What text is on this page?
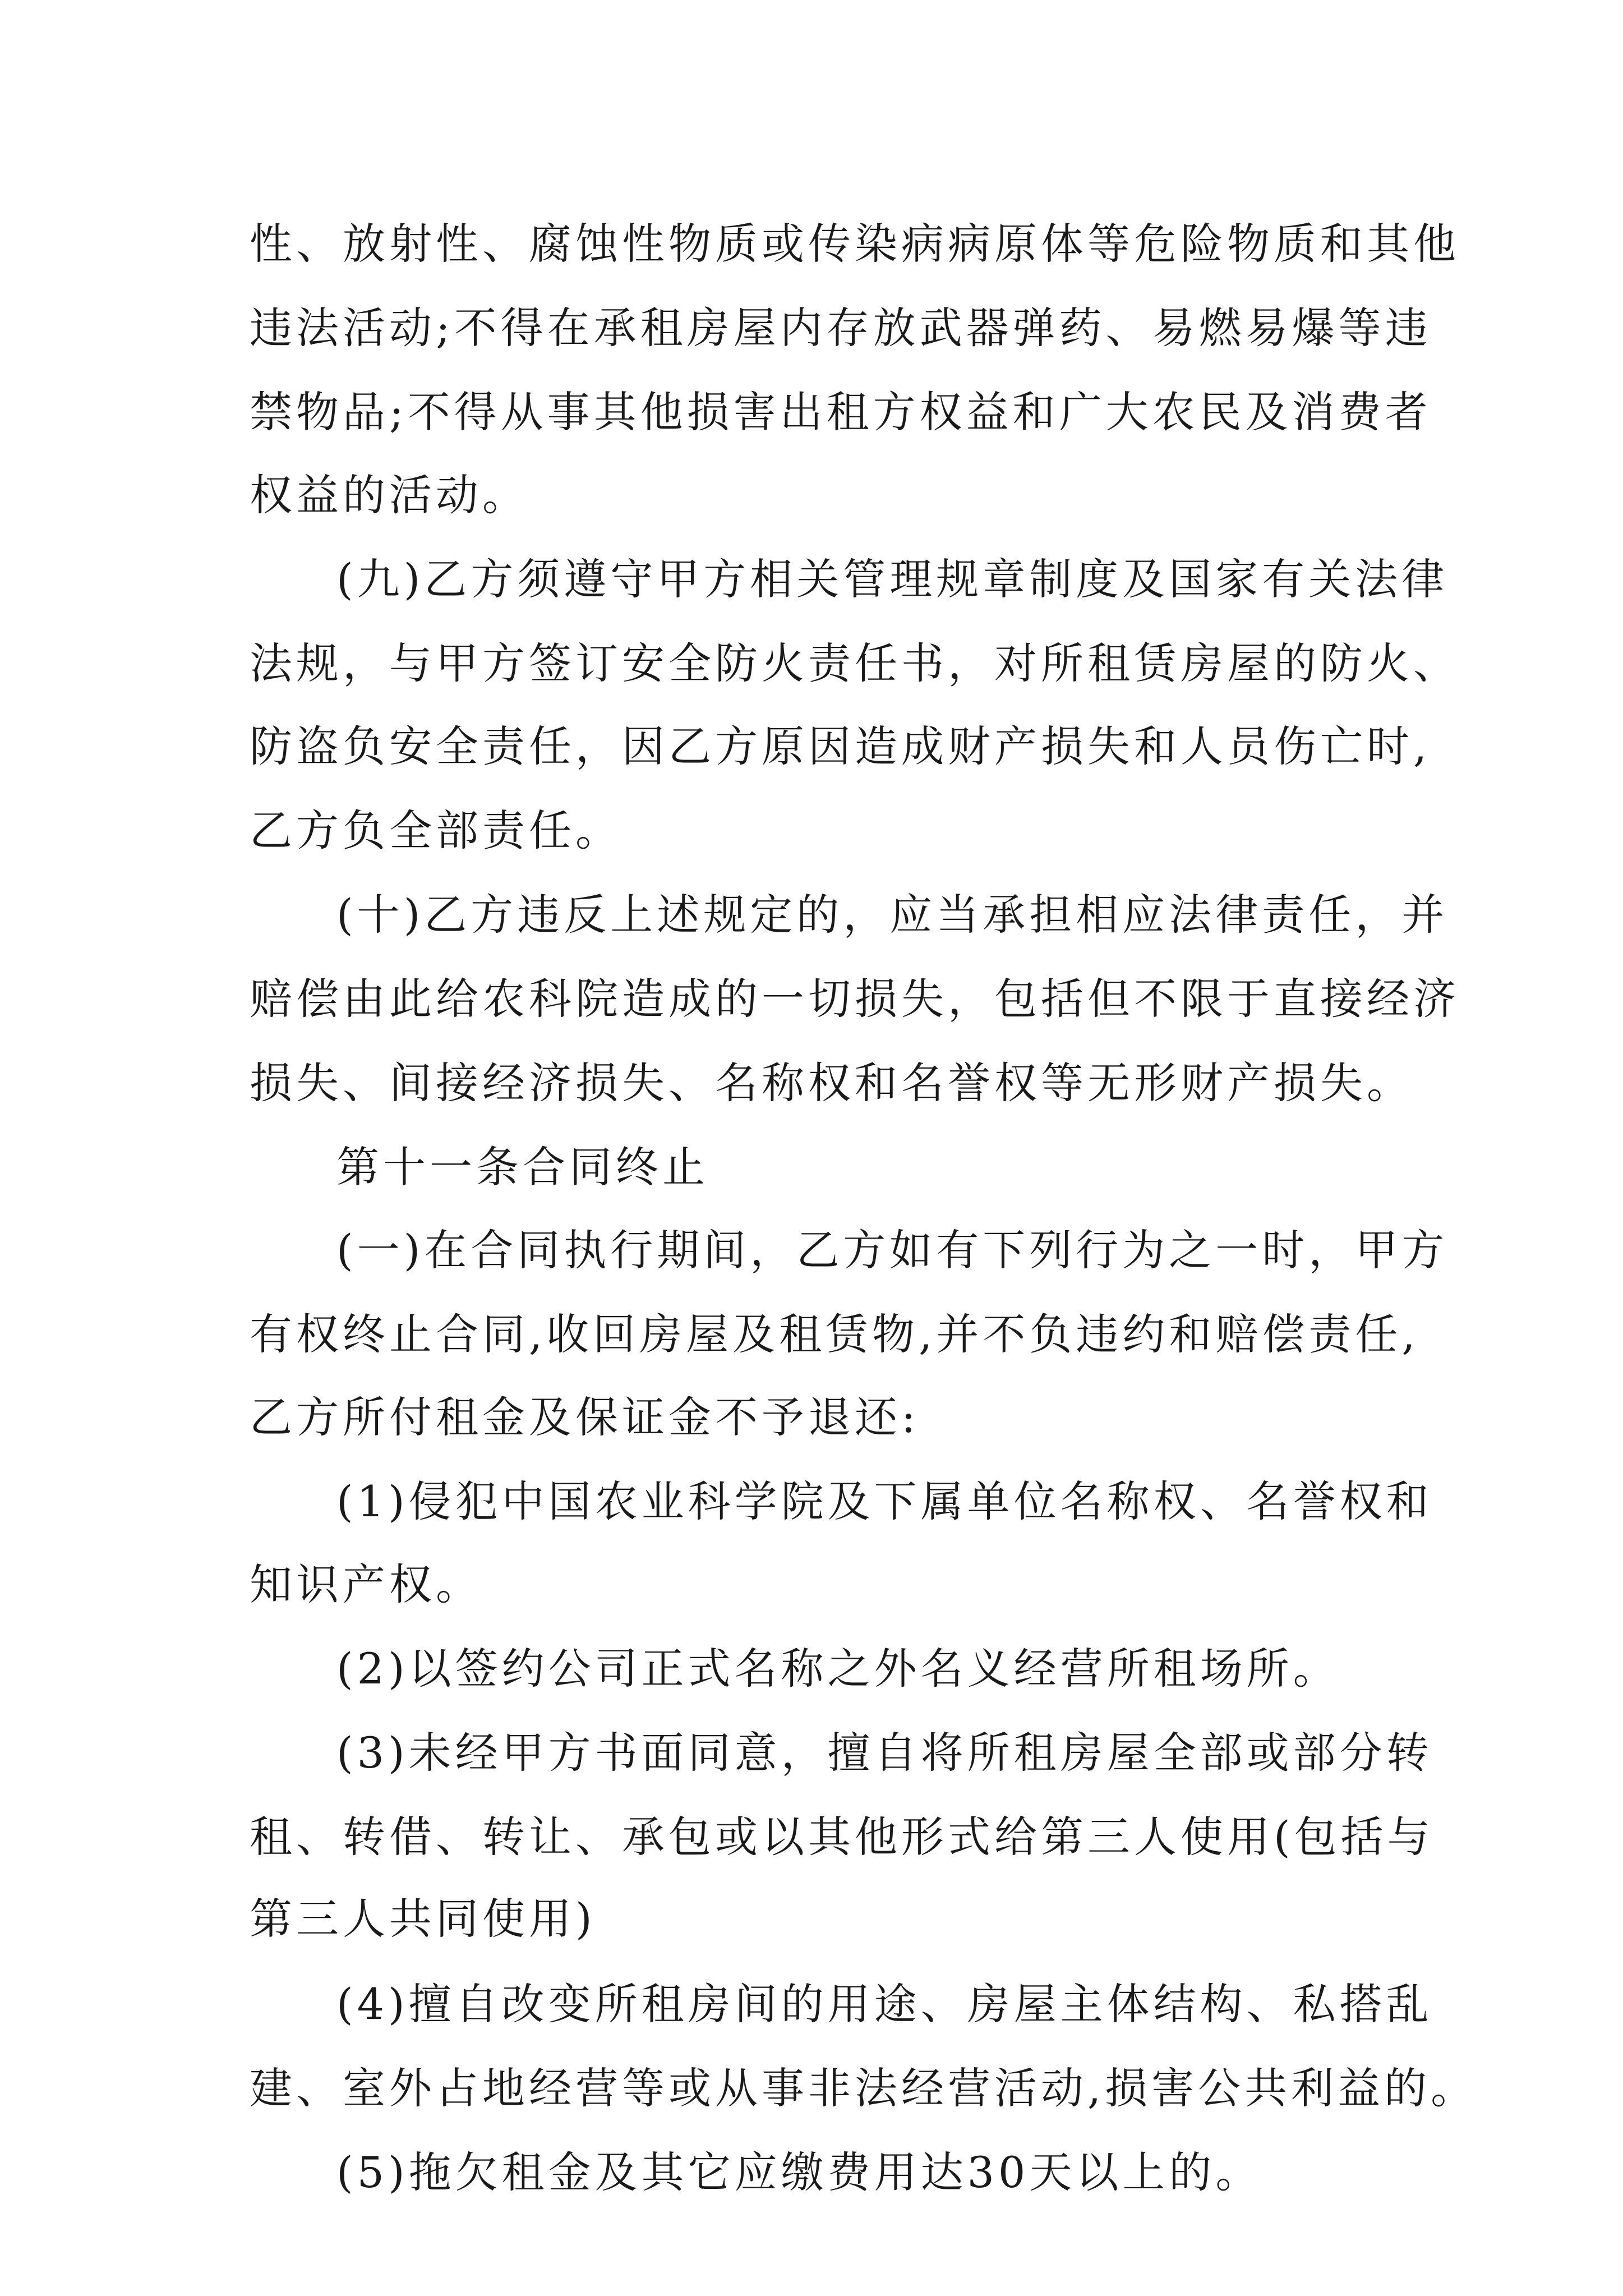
性、放射性、腐蚀性物质或传染病病原体等危险物质和其他
违法活动;不得在承租房屋内存放武器弹药、易燃易爆等违
禁物品;不得从事其他损害出租方权益和广大农民及消费者
权益的活动。
(九)乙方须遵守甲方相关管理规章制度及国家有关法律
法规，与甲方签订安全防火责任书，对所租赁房屋的防火、
防盗负安全责任，因乙方原因造成财产损失和人员伤亡时,
乙方负全部责任。
(十)乙方违反上述规定的，应当承担相应法律责任，并
赔偿由此给农科院造成的一切损失，包括但不限于直接经济
损失、间接经济损失、名称权和名誉权等无形财产损失。
第十一条合同终止
(一)在合同执行期间，乙方如有下列行为之一时，甲方
有权终止合同,收回房屋及租赁物,并不负违约和赔偿责任,
乙方所付租金及保证金不予退还:
(1)侵犯中国农业科学院及下属单位名称权、名誉权和
知识产权。
(2)以签约公司正式名称之外名义经营所租场所。
(3)未经甲方书面同意，擅自将所租房屋全部或部分转
租、转借、转让、承包或以其他形式给第三人使用(包括与
第三人共同使用)
(4)擅自改变所租房间的用途、房屋主体结构、私搭乱
建、室外占地经营等或从事非法经营活动,损害公共利益的。
(5)拖欠租金及其它应缴费用达30天以上的。
